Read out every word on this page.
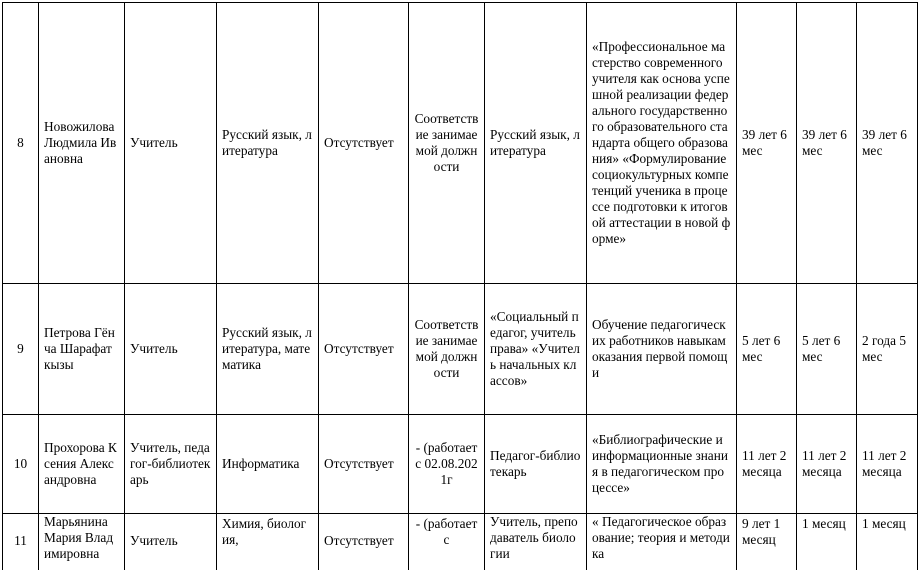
8	Новожилова Людмила Ивановна	Учитель	Русский язык, литература	Отсутствует	Соответствие занимаемой должности	Русский язык, литература	«Профессиональное мастерство современного учителя как основа успешной реализации федерального государственного образовательного стандарта общего образования» «Формулирование социокультурных компетенций ученика в процессе подготовки к итоговой аттестации в новой форме»	39 лет 6 мес	39 лет 6 мес	39 лет 6 мес
9	Петрова Гёнча Шарафат кызы	Учитель	Русский язык, литература, математика	Отсутствует	Соответствие занимаемой должности	«Социальный педагог, учитель права» «Учитель начальных классов»	Обучение педагогических работников навыкам оказания первой помощи	5 лет 6 мес	5 лет 6 мес	2 года 5 мес
10	Прохорова Ксения Александровна	Учитель, педагог-библиотекарь	Информатика	Отсутствует	- (работает с 02.08.2021г	Педагог-библиотекарь	«Библиографические и информационные знания в педагогическом процессе»	11 лет 2 месяца	11 лет 2 месяца	11 лет 2 месяца
11	Марьянина Мария Владимировна	Учитель	Химия, биология,	Отсутствует	- (работает с	Учитель, преподаватель биологии	« Педагогическое образование; теория и методика	9 лет 1 месяц	1 месяц	1 месяц
